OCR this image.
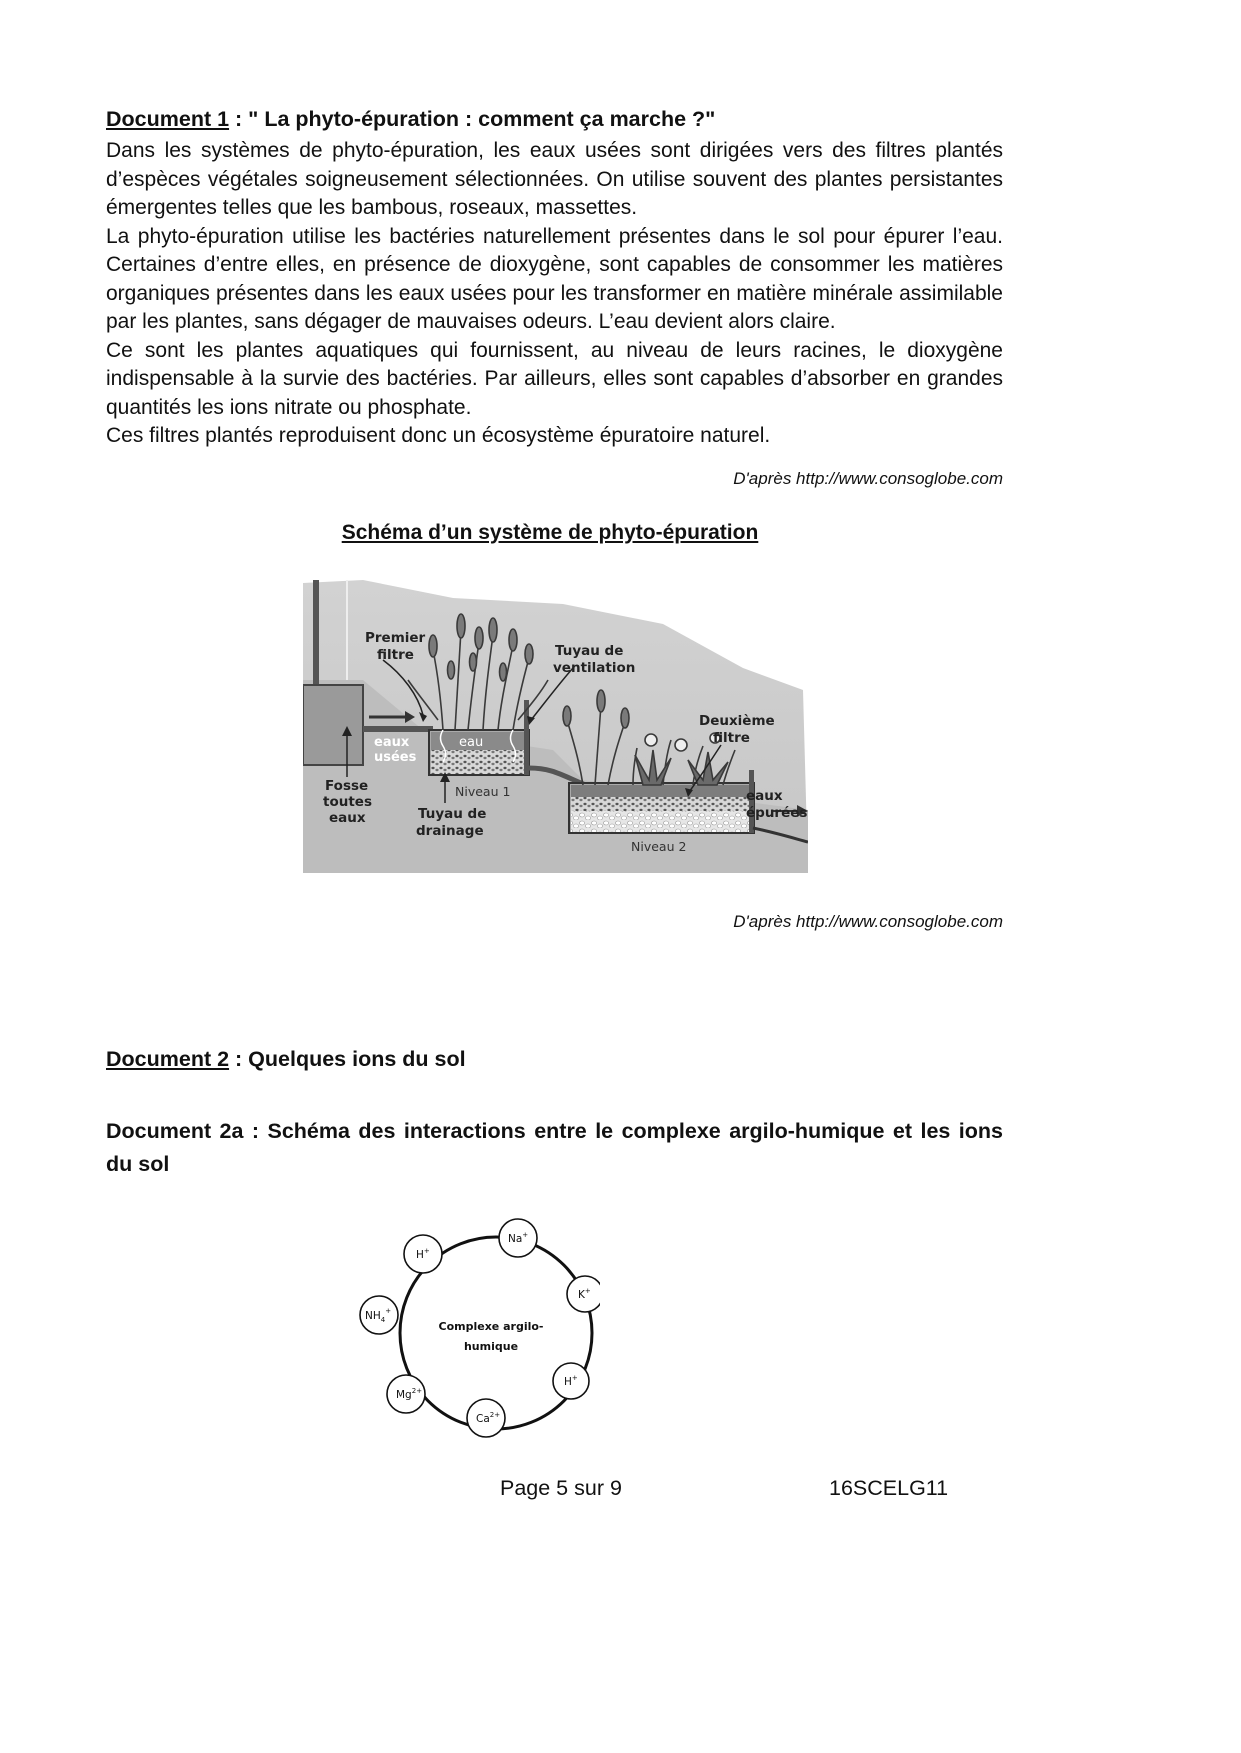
Document 1 : " La phyto-épuration : comment ça marche ?"

Dans les systèmes de phyto-épuration, les eaux usées sont dirigées vers des filtres plantés d’espèces végétales soigneusement sélectionnées. On utilise souvent des plantes persistantes émergentes telles que les bambous, roseaux, massettes.

La phyto-épuration utilise les bactéries naturellement présentes dans le sol pour épurer l’eau. Certaines d’entre elles, en présence de dioxygène, sont capables de consommer les matières organiques présentes dans les eaux usées pour les transformer en matière minérale assimilable par les plantes, sans dégager de mauvaises odeurs. L’eau devient alors claire.

Ce sont les plantes aquatiques qui fournissent, au niveau de leurs racines, le dioxygène indispensable à la survie des bactéries. Par ailleurs, elles sont capables d’absorber en grandes quantités les ions nitrate ou phosphate.

Ces filtres plantés reproduisent donc un écosystème épuratoire naturel.

D'après http://www.consoglobe.com
Schéma d’un système de phyto-épuration
eau
Premier
filtre	Tuyau de
ventilation
Deuxième
filtre
Fosse
toutes
eaux	Tuyau de
drainage
eaux
épurées
eaux
usées
Niveau 1
Niveau 2
D'après http://www.consoglobe.com
Document 2 : Quelques ions du sol
Document 2a : Schéma des interactions entre le complexe argilo-humique et les ions du sol
H+
Na+
K+
$NH_4^+$
H+
$Mg^{2+}$
$Ca^{2+}$
Complexe argilo-
humique
Page 5 sur 9	16SCELG11
